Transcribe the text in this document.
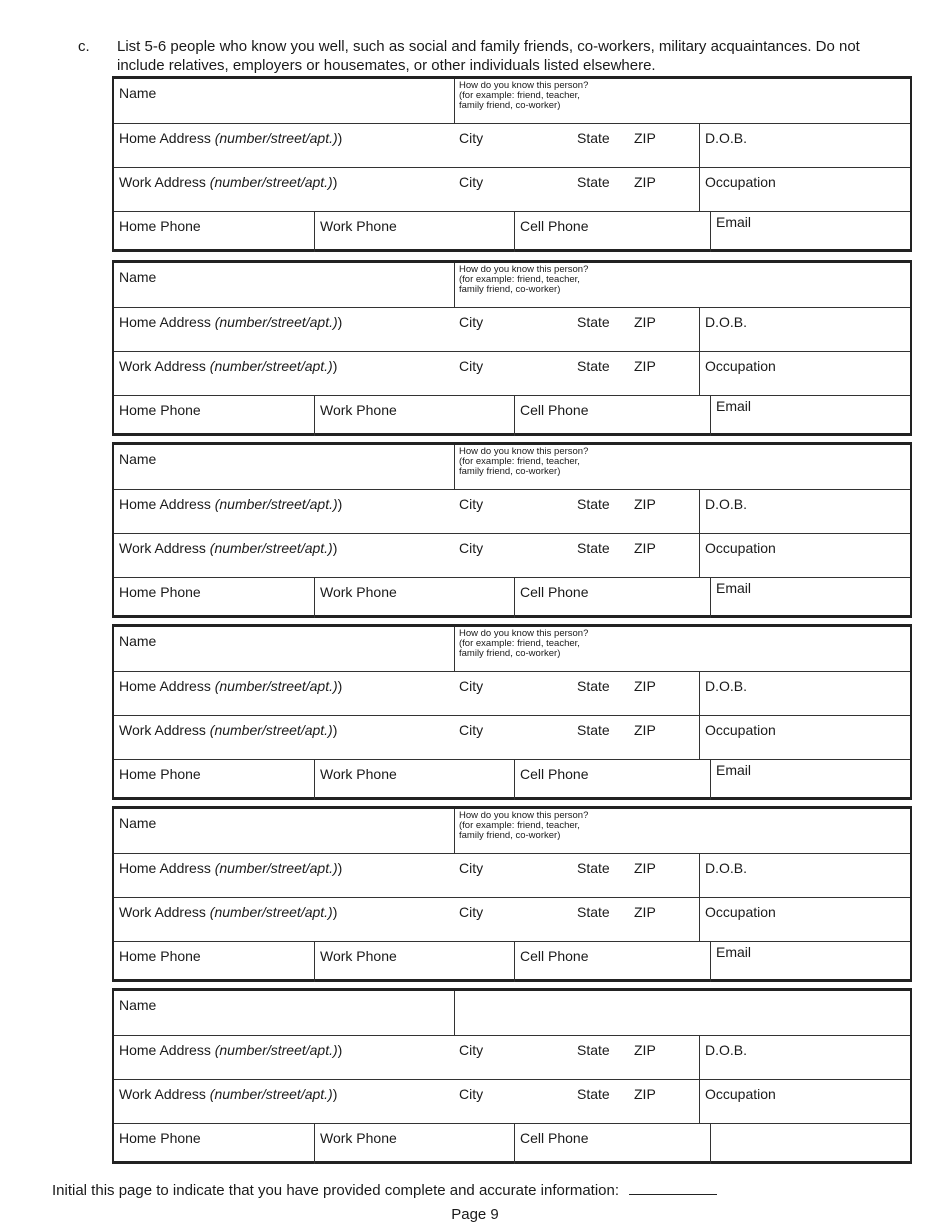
c. List 5-6 people who know you well, such as social and family friends, co-workers, military acquaintances. Do not
include relatives, employers or housemates, or other individuals listed elsewhere.
Name	How do you know this person?
(for example: friend, teacher,
family friend, co-worker)
Home Address (number/street/apt.))	City	State ZIP	D.O.B.
Work Address (number/street/apt.))	City	State ZIP	Occupation
Home Phone	Work Phone	Cell Phone	Email
Name	How do you know this person?
(for example: friend, teacher,
family friend, co-worker)
Home Address (number/street/apt.))	City	State ZIP	D.O.B.
Work Address (number/street/apt.))	City	State ZIP	Occupation
Home Phone	Work Phone	Cell Phone	Email
Name	How do you know this person?
(for example: friend, teacher,
family friend, co-worker)
Home Address (number/street/apt.))	City	State ZIP	D.O.B.
Work Address (number/street/apt.))	City	State ZIP	Occupation
Home Phone	Work Phone	Cell Phone	Email
Name	How do you know this person?
(for example: friend, teacher,
family friend, co-worker)
Home Address (number/street/apt.))	City	State ZIP	D.O.B.
Work Address (number/street/apt.))	City	State ZIP	Occupation
Home Phone	Work Phone	Cell Phone	Email
Name	How do you know this person?
(for example: friend, teacher,
family friend, co-worker)
Home Address (number/street/apt.))	City	State ZIP	D.O.B.
Work Address (number/street/apt.))	City	State ZIP	Occupation
Home Phone	Work Phone	Cell Phone	Email
Name
Home Address (number/street/apt.))	City	State ZIP	D.O.B.
Work Address (number/street/apt.))	City	State ZIP	Occupation
Home Phone	Work Phone	Cell Phone
Initial this page to indicate that you have provided complete and accurate information:
Page 9
